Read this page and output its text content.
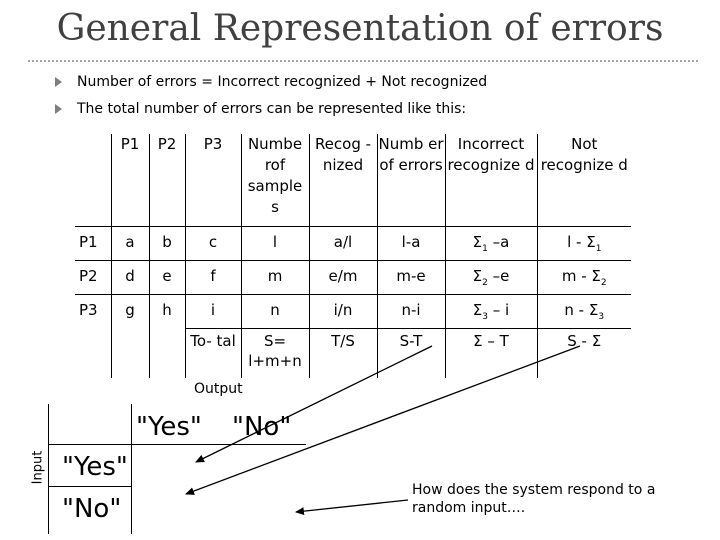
General Representation of errors
Number of errors = Incorrect recognized + Not recognized
The total number of errors can be represented like this:
	P1	P2	P3	Numbe rof sample s	Recog -nized	Numb er of errors	Incorrect recognize d	Not recognize d
P1	a	b	c	l	a/l	l-a	$\Sigma_1$ –a	l - $\Sigma_1$
P2	d	e	f	m	e/m	m-e	$\Sigma_2$ –e	m - $\Sigma_2$
P3	g	h	i	n	i/n	n-i	$\Sigma_3$ – i	n - $\Sigma_3$
			To- tal	S= l+m+n	T/S	S-T	Σ – T	S - Σ
Output
"Yes" "No"
"Yes"
"No"
Input
How does the system respond to a random input….
